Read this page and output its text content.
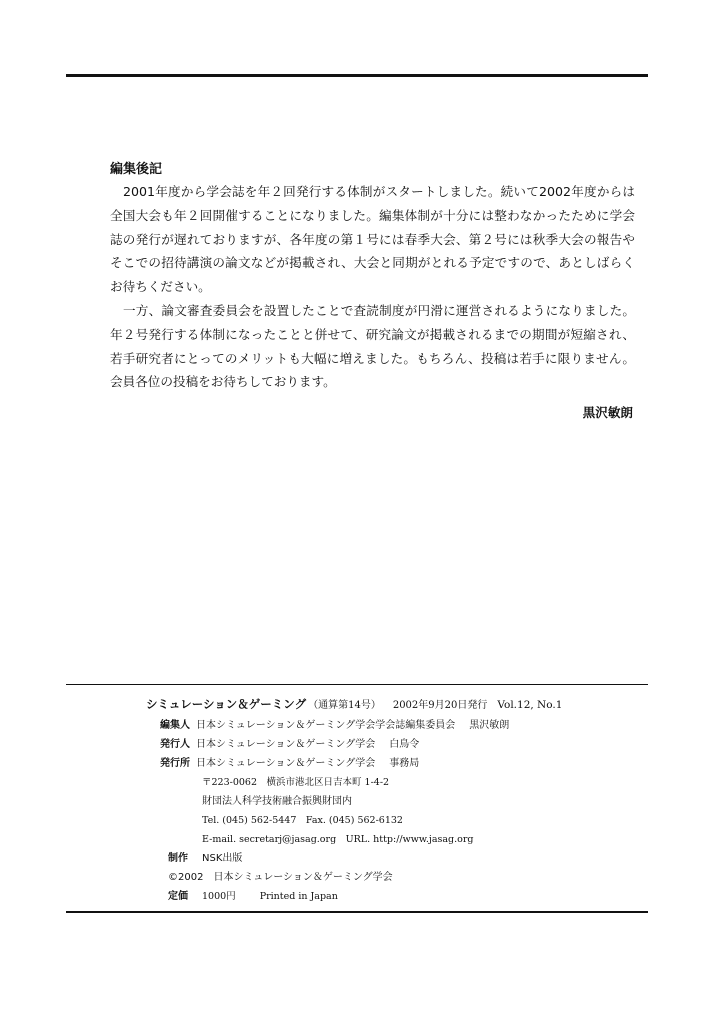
編集後記

2001年度から学会誌を年２回発行する体制がスタートしました。続いて2002年度からは全国大会も年２回開催することになりました。編集体制が十分には整わなかったために学会誌の発行が遅れておりますが、各年度の第１号には春季大会、第２号には秋季大会の報告やそこでの招待講演の論文などが掲載され、大会と同期がとれる予定ですので、あとしばらくお待ちください。

一方、論文審査委員会を設置したことで査読制度が円滑に運営されるようになりました。年２号発行する体制になったことと併せて、研究論文が掲載されるまでの期間が短縮され、若手研究者にとってのメリットも大幅に増えました。もちろん、投稿は若手に限りません。会員各位の投稿をお待ちしております。

黒沢敏朗
シミュレーション＆ゲーミング （通算第14号） 2002年9月20日発行 Vol.12, No.1
編集人 日本シミュレーション＆ゲーミング学会学会誌編集委員会 黒沢敏朗
発行人 日本シミュレーション＆ゲーミング学会 白鳥令
発行所 日本シミュレーション＆ゲーミング学会 事務局
〒223-0062　横浜市港北区日吉本町 1-4-2
財団法人科学技術融合振興財団内
Tel. (045) 562-5447　Fax. (045) 562-6132
E-mail. secretarj@jasag.org　URL. http://www.jasag.org
制作	NSK出版
©2002　日本シミュレーション＆ゲーミング学会
定価	1000円	Printed in Japan
